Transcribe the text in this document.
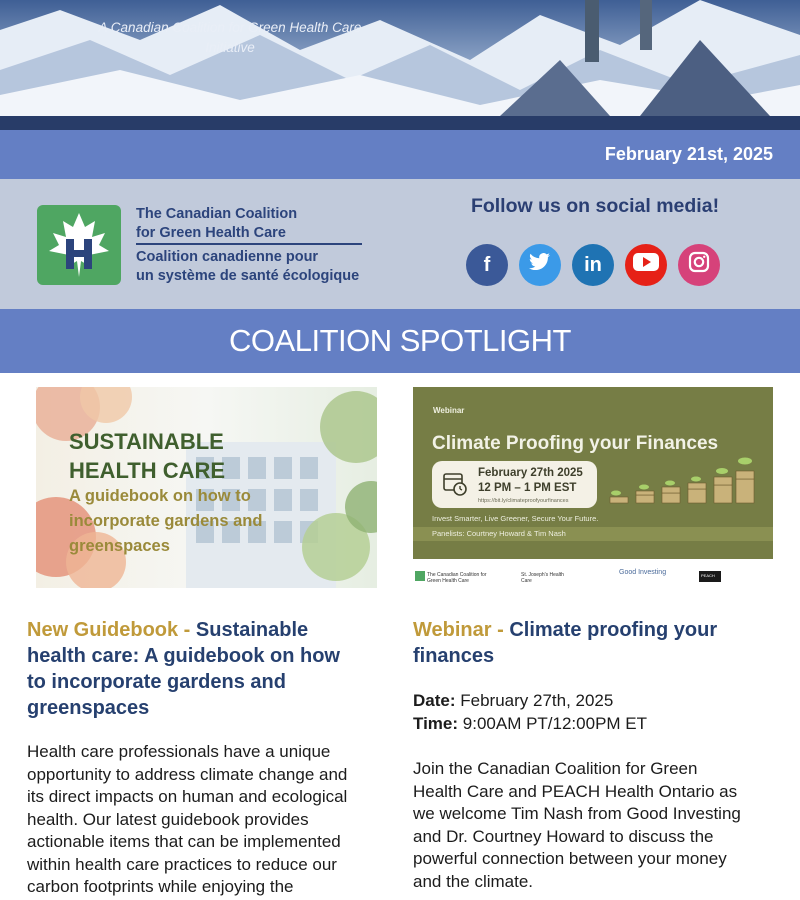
A Canadian Coalition for Green Health Care Initiative
February 21st, 2025
The Canadian Coalition
for Green Health Care
Coalition canadienne pour
un système de santé écologique
Follow us on social media!
f	in
COALITION SPOTLIGHT
SUSTAINABLE
HEALTH CARE
A guidebook on how to
incorporate gardens and
greenspaces
Webinar
Climate Proofing your Finances
February 27th 2025
12 PM – 1 PM EST
https://bit.ly/climateproofyourfinances
Invest Smarter, Live Greener, Secure Your Future.
Panelists: Courtney Howard & Tim Nash
The Canadian Coalition for Green Health Care
St. Joseph's Health Care
Good Investing	PEACH
New Guidebook - Sustainable
health care: A guidebook on how
to incorporate gardens and
greenspaces
Health care professionals have a unique
opportunity to address climate change and
its direct impacts on human and ecological
health. Our latest guidebook provides
actionable items that can be implemented
within health care practices to reduce our
carbon footprints while enjoying the
Webinar - Climate proofing your
finances
Date: February 27th, 2025
Time: 9:00AM PT/12:00PM ET
Join the Canadian Coalition for Green
Health Care and PEACH Health Ontario as
we welcome Tim Nash from Good Investing
and Dr. Courtney Howard to discuss the
powerful connection between your money
and the climate.
